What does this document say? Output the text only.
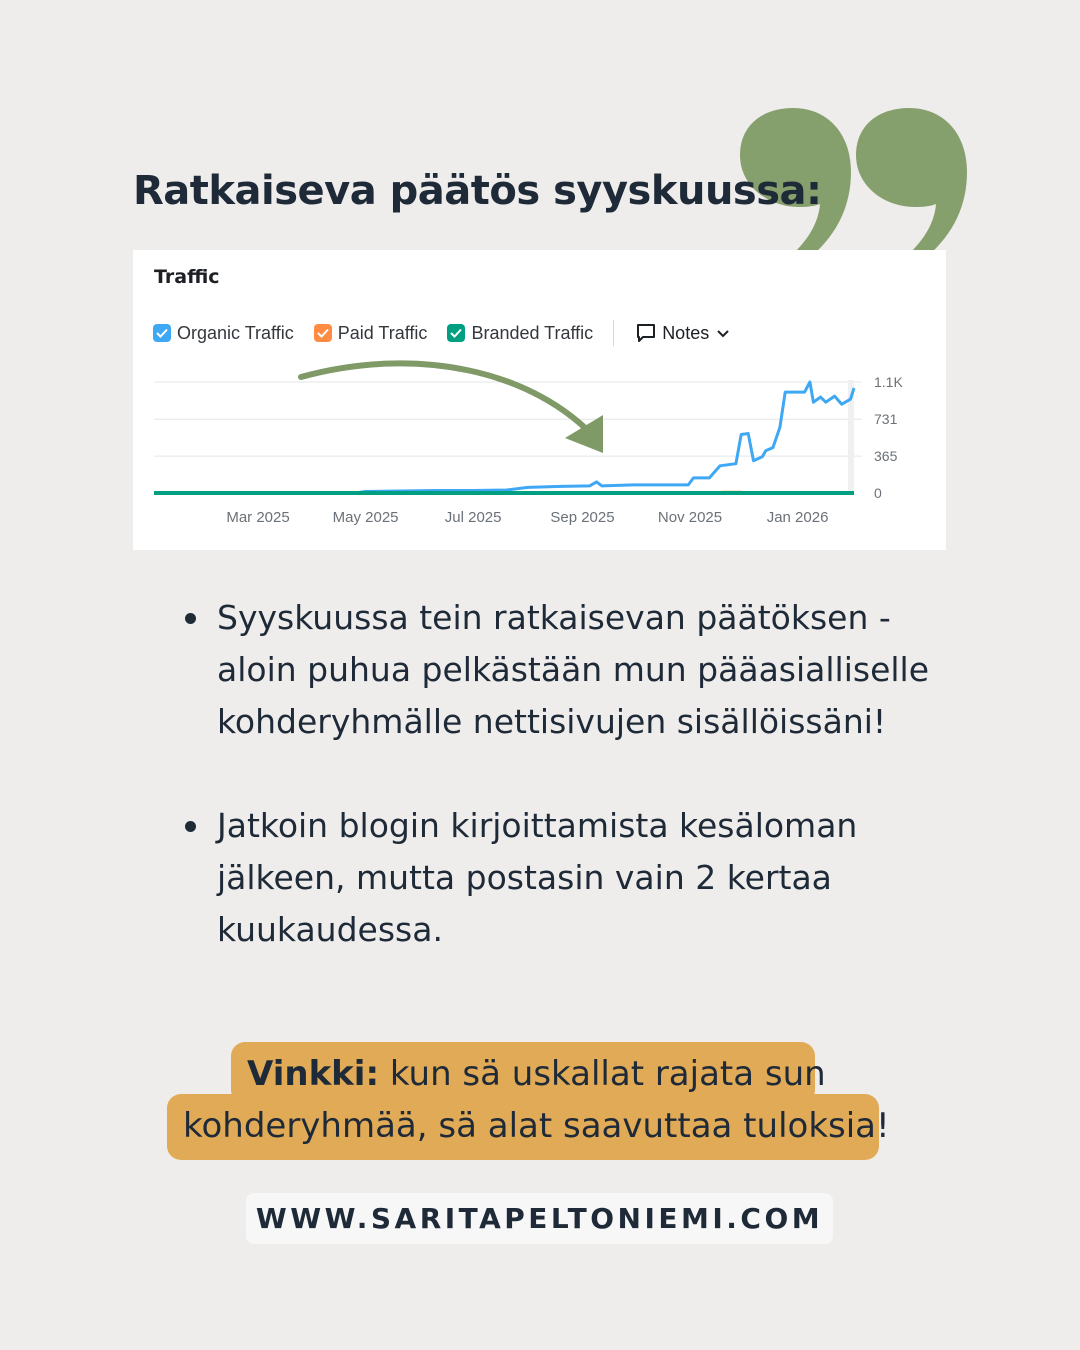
Ratkaiseva päätös syyskuussa:
Traffic
Organic Traffic Paid Traffic Branded Traffic	Notes
1.1K
731
365
0
Mar 2025	May 2025	Jul 2025	Sep 2025	Nov 2025	Jan 2026
Syyskuussa tein ratkaisevan päätöksen - aloin puhua pelkästään mun pääasialliselle kohderyhmälle nettisivujen sisällöissäni!
Jatkoin blogin kirjoittamista kesäloman jälkeen, mutta postasin vain 2 kertaa kuukaudessa.
Vinkki: kun sä uskallat rajata sun
kohderyhmää, sä alat saavuttaa tuloksia!
WWW.SARITAPELTONIEMI.COM
